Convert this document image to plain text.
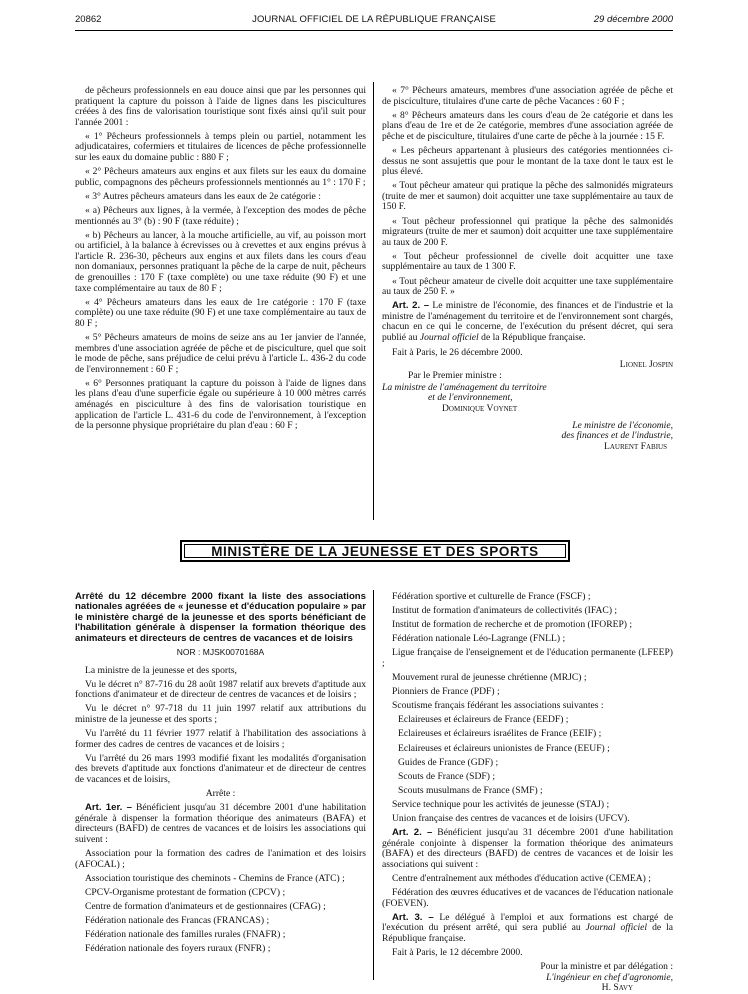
20862	JOURNAL OFFICIEL DE LA RÉPUBLIQUE FRANÇAISE	29 décembre 2000

de pêcheurs professionnels en eau douce ainsi que par les personnes qui pratiquent la capture du poisson à l'aide de lignes dans les piscicultures créées à des fins de valorisation touristique sont fixés ainsi qu'il suit pour l'année 2001 :

« 1° Pêcheurs professionnels à temps plein ou partiel, notamment les adjudicataires, cofermiers et titulaires de licences de pêche professionnelle sur les eaux du domaine public : 880 F ;

« 2° Pêcheurs amateurs aux engins et aux filets sur les eaux du domaine public, compagnons des pêcheurs professionnels mentionnés au 1° : 170 F ;

« 3° Autres pêcheurs amateurs dans les eaux de 2e catégorie :

« a) Pêcheurs aux lignes, à la vermée, à l'exception des modes de pêche mentionnés au 3° (b) : 90 F (taxe réduite) ;

« b) Pêcheurs au lancer, à la mouche artificielle, au vif, au poisson mort ou artificiel, à la balance à écrevisses ou à crevettes et aux engins prévus à l'article R. 236-30, pêcheurs aux engins et aux filets dans les cours d'eau non domaniaux, personnes pratiquant la pêche de la carpe de nuit, pêcheurs de grenouilles : 170 F (taxe complète) ou une taxe réduite (90 F) et une taxe complémentaire au taux de 80 F ;

« 4° Pêcheurs amateurs dans les eaux de 1re catégorie : 170 F (taxe complète) ou une taxe réduite (90 F) et une taxe complémentaire au taux de 80 F ;

« 5° Pêcheurs amateurs de moins de seize ans au 1er janvier de l'année, membres d'une association agréée de pêche et de pisciculture, quel que soit le mode de pêche, sans préjudice de celui prévu à l'article L. 436-2 du code de l'environnement : 60 F ;

« 6° Personnes pratiquant la capture du poisson à l'aide de lignes dans les plans d'eau d'une superficie égale ou supérieure à 10 000 mètres carrés aménagés en pisciculture à des fins de valorisation touristique en application de l'article L. 431-6 du code de l'environnement, à l'exception de la personne physique propriétaire du plan d'eau : 60 F ;

« 7° Pêcheurs amateurs, membres d'une association agréée de pêche et de pisciculture, titulaires d'une carte de pêche Vacances : 60 F ;

« 8° Pêcheurs amateurs dans les cours d'eau de 2e catégorie et dans les plans d'eau de 1re et de 2e catégorie, membres d'une association agréée de pêche et de pisciculture, titulaires d'une carte de pêche à la journée : 15 F.

« Les pêcheurs appartenant à plusieurs des catégories mentionnées ci-dessus ne sont assujettis que pour le montant de la taxe dont le taux est le plus élevé.

« Tout pêcheur amateur qui pratique la pêche des salmonidés migrateurs (truite de mer et saumon) doit acquitter une taxe supplémentaire au taux de 150 F.

« Tout pêcheur professionnel qui pratique la pêche des salmonidés migrateurs (truite de mer et saumon) doit acquitter une taxe supplémentaire au taux de 200 F.

« Tout pêcheur professionnel de civelle doit acquitter une taxe supplémentaire au taux de 1 300 F.

« Tout pêcheur amateur de civelle doit acquitter une taxe supplémentaire au taux de 250 F. »

Art. 2. – Le ministre de l'économie, des finances et de l'industrie et la ministre de l'aménagement du territoire et de l'environnement sont chargés, chacun en ce qui le concerne, de l'exécution du présent décret, qui sera publié au Journal officiel de la République française.

Fait à Paris, le 26 décembre 2000.

Lionel Jospin

Par le Premier ministre :

La ministre de l'aménagement du territoire
et de l'environnement,
Dominique Voynet
Le ministre de l'économie,
des finances et de l'industrie,
Laurent Fabius
MINISTÈRE DE LA JEUNESSE ET DES SPORTS
Arrêté du 12 décembre 2000 fixant la liste des associations nationales agréées de « jeunesse et d'éducation populaire » par le ministère chargé de la jeunesse et des sports bénéficiant de l'habilitation générale à dispenser la formation théorique des animateurs et directeurs de centres de vacances et de loisirs
NOR : MJSK0070168A

La ministre de la jeunesse et des sports,

Vu le décret n° 87-716 du 28 août 1987 relatif aux brevets d'aptitude aux fonctions d'animateur et de directeur de centres de vacances et de loisirs ;

Vu le décret n° 97-718 du 11 juin 1997 relatif aux attributions du ministre de la jeunesse et des sports ;

Vu l'arrêté du 11 février 1977 relatif à l'habilitation des associations à former des cadres de centres de vacances et de loisirs ;

Vu l'arrêté du 26 mars 1993 modifié fixant les modalités d'organisation des brevets d'aptitude aux fonctions d'animateur et de directeur de centres de vacances et de loisirs,

Arrête :

Art. 1er. – Bénéficient jusqu'au 31 décembre 2001 d'une habilitation générale à dispenser la formation théorique des animateurs (BAFA) et directeurs (BAFD) de centres de vacances et de loisirs les associations qui suivent :

Association pour la formation des cadres de l'animation et des loisirs (AFOCAL) ;

Association touristique des cheminots - Chemins de France (ATC) ;

CPCV-Organisme protestant de formation (CPCV) ;

Centre de formation d'animateurs et de gestionnaires (CFAG) ;

Fédération nationale des Francas (FRANCAS) ;

Fédération nationale des familles rurales (FNAFR) ;

Fédération nationale des foyers ruraux (FNFR) ;

Fédération sportive et culturelle de France (FSCF) ;

Institut de formation d'animateurs de collectivités (IFAC) ;

Institut de formation de recherche et de promotion (IFOREP) ;

Fédération nationale Léo-Lagrange (FNLL) ;

Ligue française de l'enseignement et de l'éducation permanente (LFEEP) ;

Mouvement rural de jeunesse chrétienne (MRJC) ;

Pionniers de France (PDF) ;

Scoutisme français fédérant les associations suivantes :

Eclaireuses et éclaireurs de France (EEDF) ;

Eclaireuses et éclaireurs israélites de France (EEIF) ;

Eclaireuses et éclaireurs unionistes de France (EEUF) ;

Guides de France (GDF) ;

Scouts de France (SDF) ;

Scouts musulmans de France (SMF) ;

Service technique pour les activités de jeunesse (STAJ) ;

Union française des centres de vacances et de loisirs (UFCV).

Art. 2. – Bénéficient jusqu'au 31 décembre 2001 d'une habilitation générale conjointe à dispenser la formation théorique des animateurs (BAFA) et des directeurs (BAFD) de centres de vacances et de loisir les associations qui suivent :

Centre d'entraînement aux méthodes d'éducation active (CEMEA) ;

Fédération des œuvres éducatives et de vacances de l'éducation nationale (FOEVEN).

Art. 3. – Le délégué à l'emploi et aux formations est chargé de l'exécution du présent arrêté, qui sera publié au Journal officiel de la République française.

Fait à Paris, le 12 décembre 2000.

Pour la ministre et par délégation :
L'ingénieur en chef d'agronomie,
H. Savy
